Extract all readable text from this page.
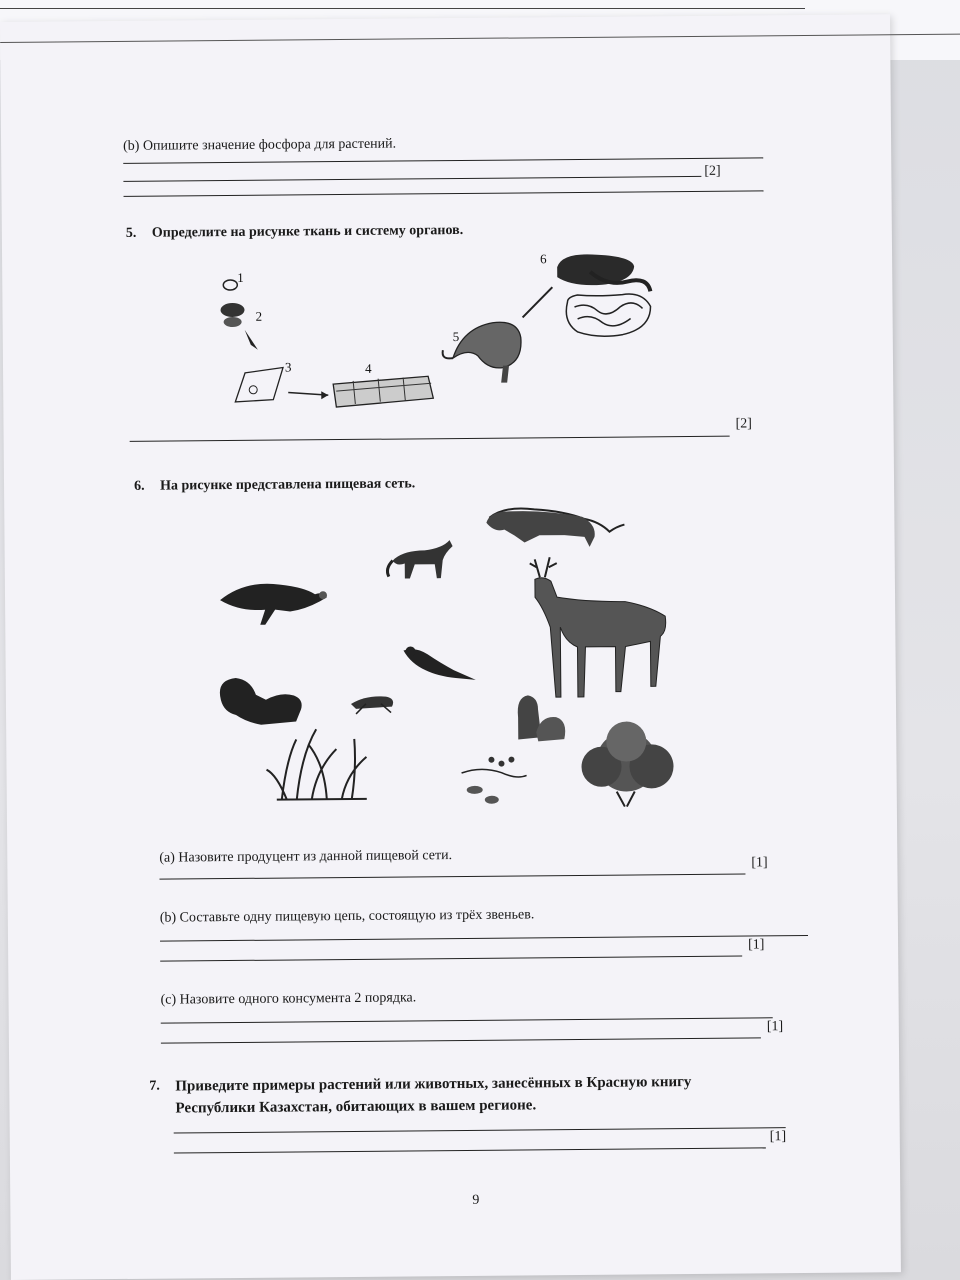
(b) Опишите значение фосфора для растений.
[2]
5. Определите на рисунке ткань и систему органов.
1
2
3	4
5
6
[2]
6. На рисунке представлена пищевая сеть.
(a) Назовите продуцент из данной пищевой сети.	[1]
(b) Составьте одну пищевую цепь, состоящую из трёх звеньев.
[1]
(c) Назовите одного консумента 2 порядка.
[1]
7. Приведите примеры растений или животных, занесённых в Красную книгу
Республики Казахстан, обитающих в вашем регионе.
[1]
9
